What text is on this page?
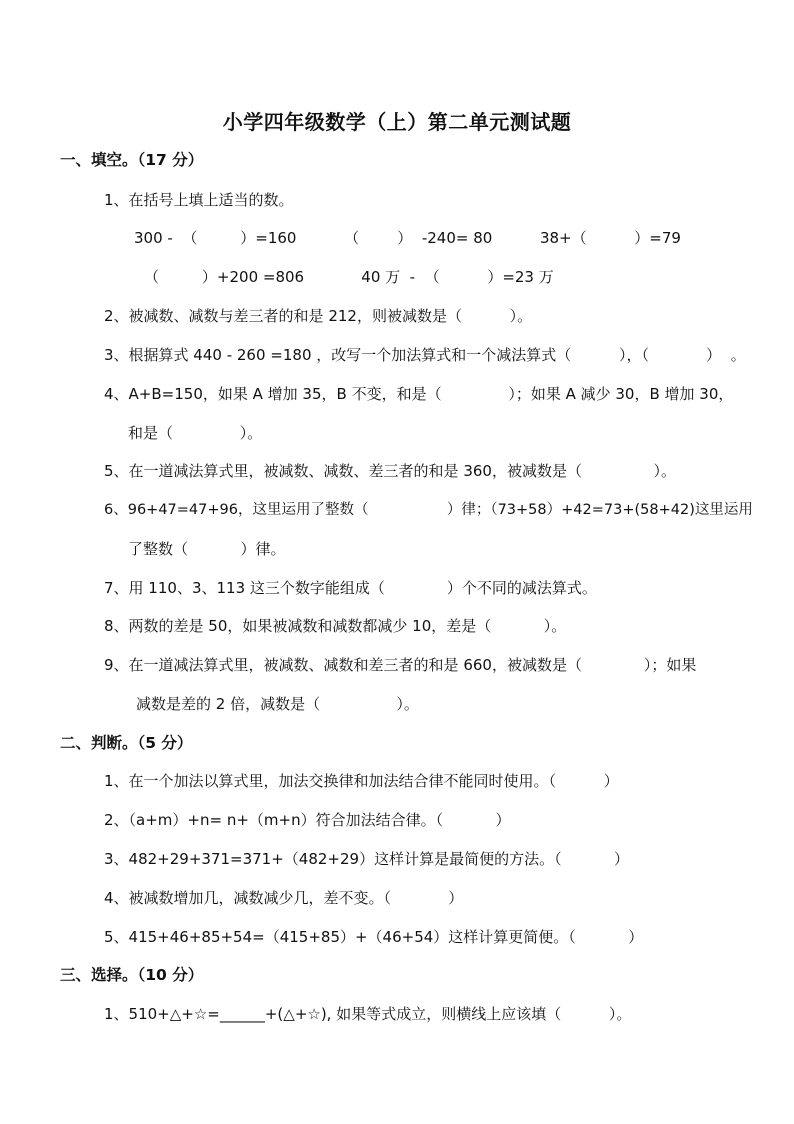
小学四年级数学（上）第二单元测试题
一、填空。（17 分）
1、在括号上填上适当的数。
300 -  （         ）=160          （        ）  -240= 80          38+（          ）=79
（         ）+200 =806            40 万  -  （          ）=23 万
2、被减数、减数与差三者的和是 212，则被减数是（          ）。
3、根据算式 440 - 260 =180 ，改写一个加法算式和一个减法算式（          ），（            ）  。
4、A+B=150，如果 A 增加 35，B 不变，和是（              ）；如果 A 减少 30，B 增加 30，
和是（              ）。
5、在一道减法算式里，被减数、减数、差三者的和是 360，被减数是（               ）。
6、96+47=47+96，这里运用了整数（                 ）律；（73+58）+42=73+(58+42)这里运用
了整数（           ）律。
7、用 110、3、113 这三个数字能组成（             ）个不同的减法算式。
8、两数的差是 50，如果被减数和减数都减少 10，差是（           ）。
9、在一道减法算式里，被减数、减数和差三者的和是 660，被减数是（             ）；如果
减数是差的 2 倍，减数是（                ）。
二、判断。（5 分）
1、在一个加法以算式里，加法交换律和加法结合律不能同时使用。（          ）
2、（a+m）+n= n+（m+n）符合加法结合律。（           ）
3、482+29+371=371+（482+29）这样计算是最简便的方法。（           ）
4、被减数增加几，减数减少几，差不变。（            ）
5、415+46+85+54=（415+85）+（46+54）这样计算更简便。（           ）
三、选择。（10 分）
1、510+△+☆=______+(△+☆), 如果等式成立，则横线上应该填（          ）。
